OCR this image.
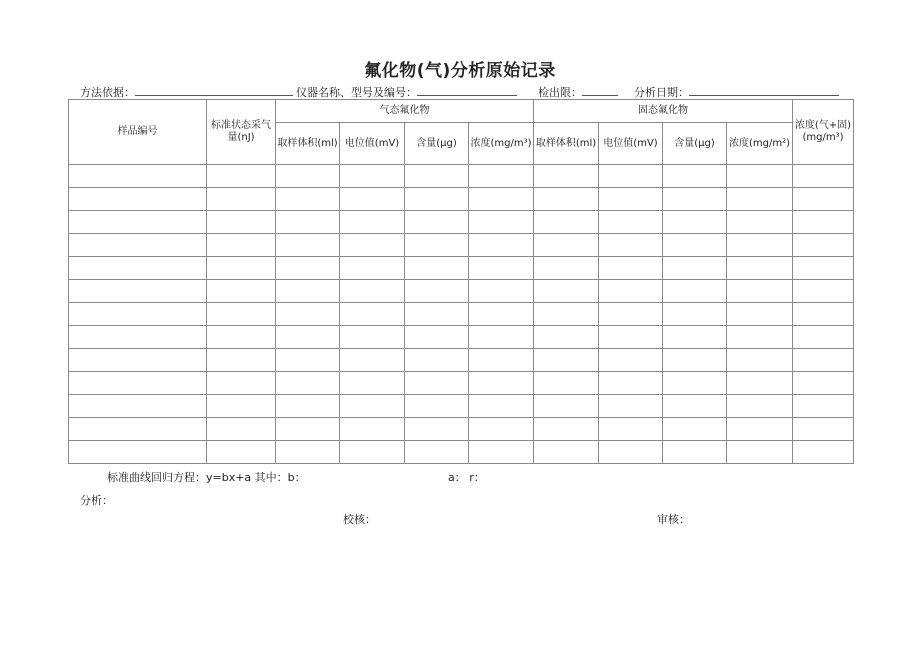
氟化物(气)分析原始记录
方法依据：	仪器名称、型号及编号：	检出限：	分析日期：
样品编号	标准状态采气量(nJ)	气态氟化物				固态氟化物				浓度(气+固)(mg/m³)
		取样体积(ml)	电位值(mV)	含量(μg)	浓度(mg/m³)	取样体积(ml)	电位值(mV)	含量(μg)	浓度(mg/m²)	

标准曲线回归方程：y=bx+a 其中：b：	a： r：
分析：
校核：	审核：
